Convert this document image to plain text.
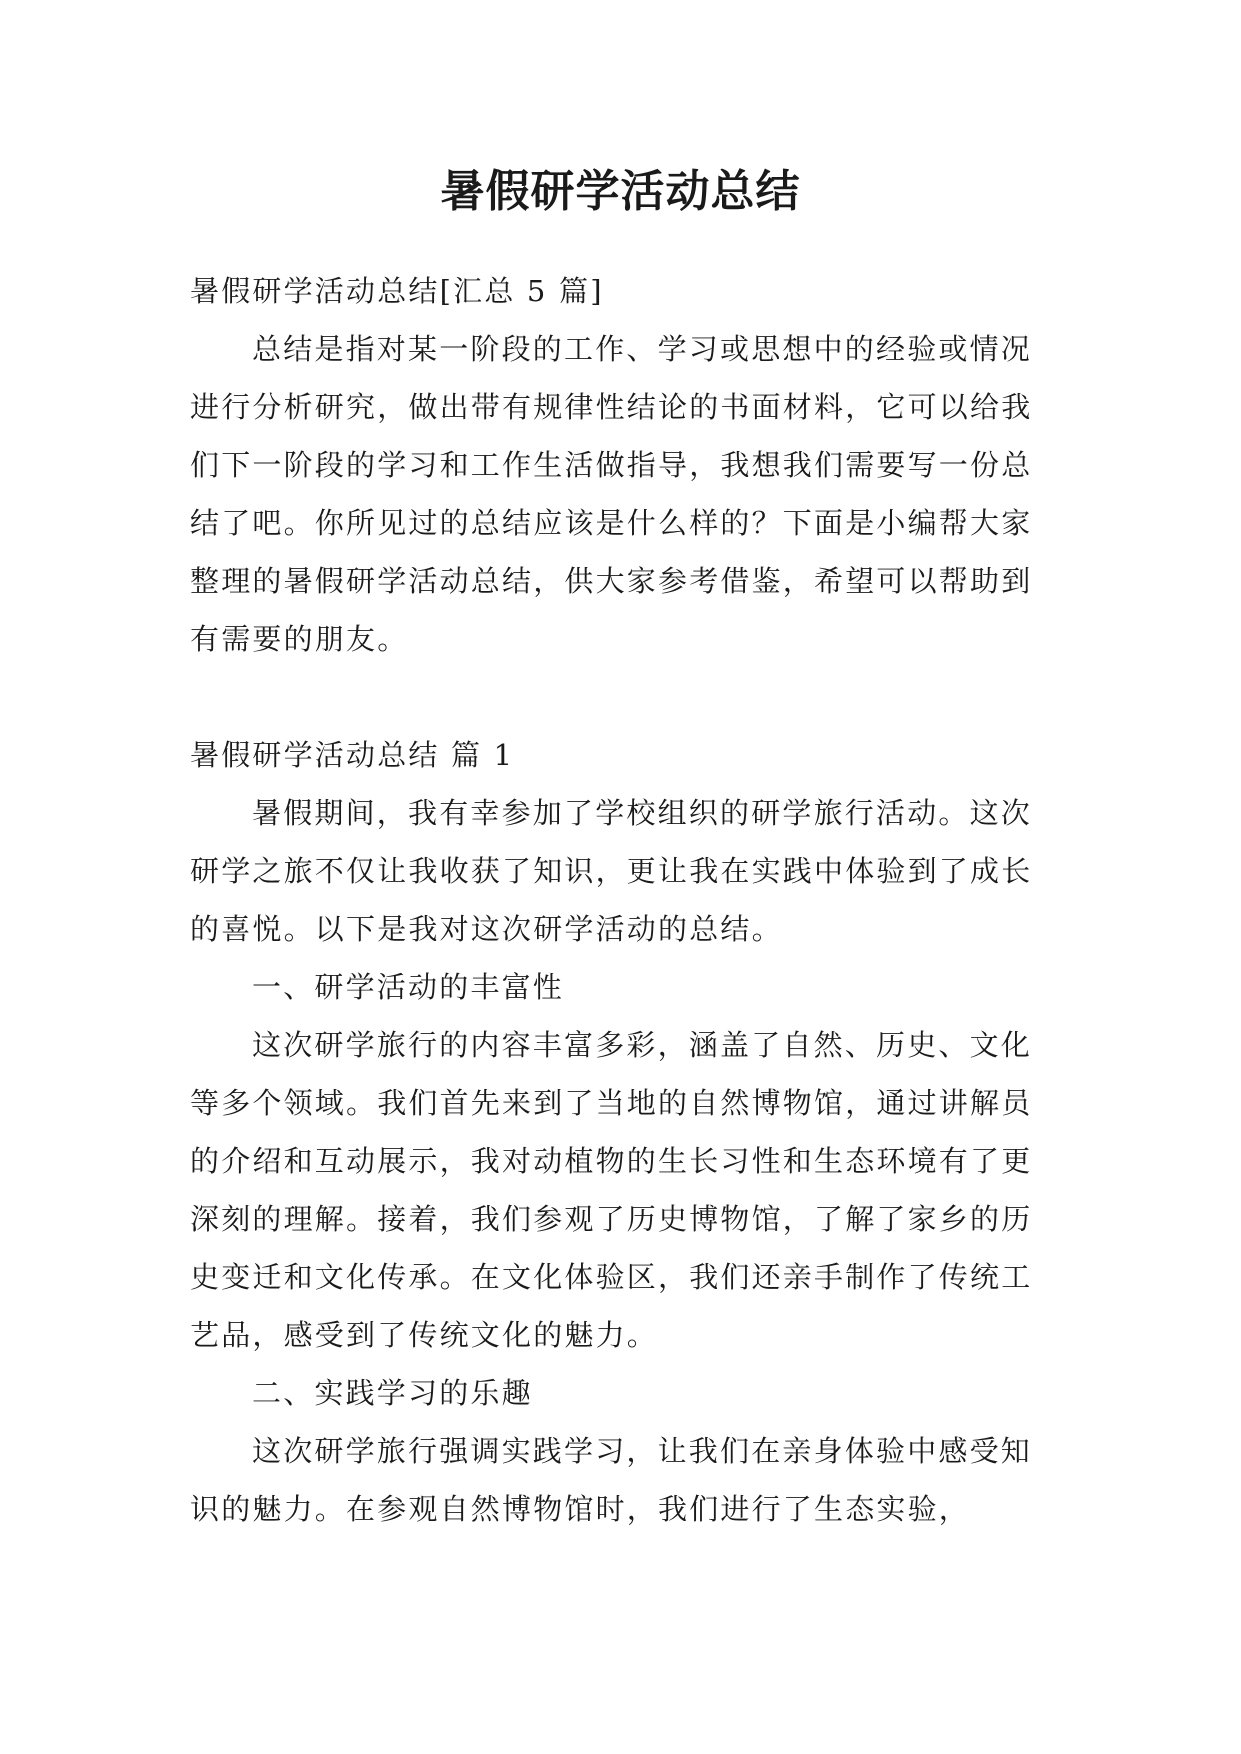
暑假研学活动总结

暑假研学活动总结[汇总 5 篇]

总结是指对某一阶段的工作、学习或思想中的经验或情况进行分析研究，做出带有规律性结论的书面材料，它可以给我们下一阶段的学习和工作生活做指导，我想我们需要写一份总结了吧。你所见过的总结应该是什么样的？下面是小编帮大家整理的暑假研学活动总结，供大家参考借鉴，希望可以帮助到有需要的朋友。

暑假研学活动总结 篇 1

暑假期间，我有幸参加了学校组织的研学旅行活动。这次研学之旅不仅让我收获了知识，更让我在实践中体验到了成长的喜悦。以下是我对这次研学活动的总结。

一、研学活动的丰富性

这次研学旅行的内容丰富多彩，涵盖了自然、历史、文化等多个领域。我们首先来到了当地的自然博物馆，通过讲解员的介绍和互动展示，我对动植物的生长习性和生态环境有了更深刻的理解。接着，我们参观了历史博物馆，了解了家乡的历史变迁和文化传承。在文化体验区，我们还亲手制作了传统工艺品，感受到了传统文化的魅力。

二、实践学习的乐趣

这次研学旅行强调实践学习，让我们在亲身体验中感受知识的魅力。在参观自然博物馆时，我们进行了生态实验，
